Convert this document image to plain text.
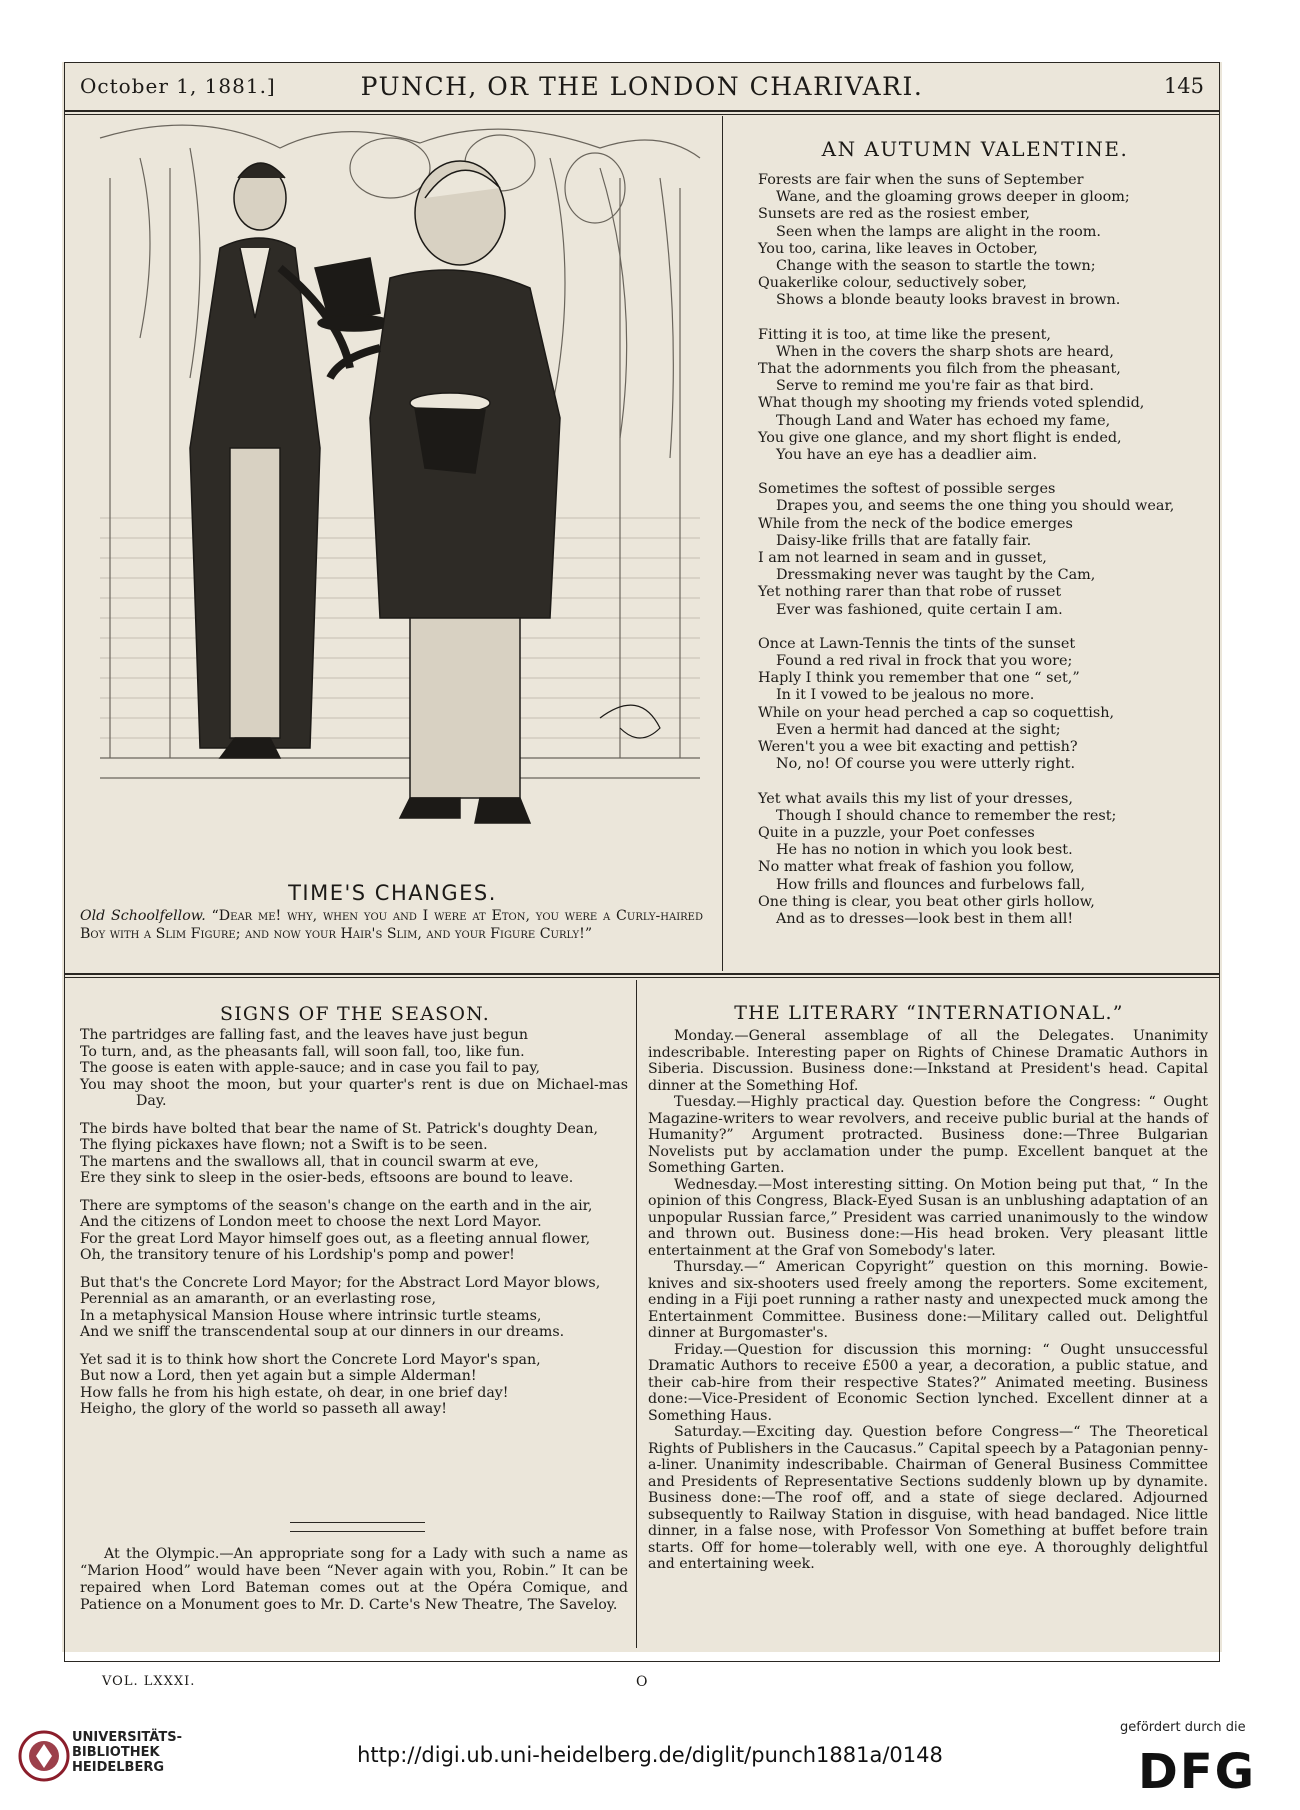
October 1, 1881.]	PUNCH, OR THE LONDON CHARIVARI.	145
TIME'S CHANGES.
Old Schoolfellow. “Dear me! why, when you and I were at Eton, you were a Curly-haired Boy with a Slim Figure; and now your Hair's Slim, and your Figure Curly!”
AN AUTUMN VALENTINE.
Forests are fair when the suns of September
Wane, and the gloaming grows deeper in gloom;
Sunsets are red as the rosiest ember,
Seen when the lamps are alight in the room.
You too, carina, like leaves in October,
Change with the season to startle the town;
Quakerlike colour, seductively sober,
Shows a blonde beauty looks bravest in brown.
Fitting it is too, at time like the present,
When in the covers the sharp shots are heard,
That the adornments you filch from the pheasant,
Serve to remind me you're fair as that bird.
What though my shooting my friends voted splendid,
Though Land and Water has echoed my fame,
You give one glance, and my short flight is ended,
You have an eye has a deadlier aim.
Sometimes the softest of possible serges
Drapes you, and seems the one thing you should wear,
While from the neck of the bodice emerges
Daisy-like frills that are fatally fair.
I am not learned in seam and in gusset,
Dressmaking never was taught by the Cam,
Yet nothing rarer than that robe of russet
Ever was fashioned, quite certain I am.
Once at Lawn-Tennis the tints of the sunset
Found a red rival in frock that you wore;
Haply I think you remember that one “ set,”
In it I vowed to be jealous no more.
While on your head perched a cap so coquettish,
Even a hermit had danced at the sight;
Weren't you a wee bit exacting and pettish?
No, no! Of course you were utterly right.
Yet what avails this my list of your dresses,
Though I should chance to remember the rest;
Quite in a puzzle, your Poet confesses
He has no notion in which you look best.
No matter what freak of fashion you follow,
How frills and flounces and furbelows fall,
One thing is clear, you beat other girls hollow,
And as to dresses—look best in them all!
SIGNS OF THE SEASON.
The partridges are falling fast, and the leaves have just begun
To turn, and, as the pheasants fall, will soon fall, too, like fun.
The goose is eaten with apple-sauce; and in case you fail to pay,
You may shoot the moon, but your quarter's rent is due on Michael-mas Day.
The birds have bolted that bear the name of St. Patrick's doughty Dean,
The flying pickaxes have flown; not a Swift is to be seen.
The martens and the swallows all, that in council swarm at eve,
Ere they sink to sleep in the osier-beds, eftsoons are bound to leave.
There are symptoms of the season's change on the earth and in the air,
And the citizens of London meet to choose the next Lord Mayor.
For the great Lord Mayor himself goes out, as a fleeting annual flower,
Oh, the transitory tenure of his Lordship's pomp and power!
But that's the Concrete Lord Mayor; for the Abstract Lord Mayor blows,
Perennial as an amaranth, or an everlasting rose,
In a metaphysical Mansion House where intrinsic turtle steams,
And we sniff the transcendental soup at our dinners in our dreams.
Yet sad it is to think how short the Concrete Lord Mayor's span,
But now a Lord, then yet again but a simple Alderman!
How falls he from his high estate, oh dear, in one brief day!
Heigho, the glory of the world so passeth all away!
At the Olympic.—An appropriate song for a Lady with such a name as “Marion Hood” would have been “Never again with you, Robin.” It can be repaired when Lord Bateman comes out at the Opéra Comique, and Patience on a Monument goes to Mr. D. Carte's New Theatre, The Saveloy.
THE LITERARY “INTERNATIONAL.”

Monday.—General assemblage of all the Delegates. Unanimity indescribable. Interesting paper on Rights of Chinese Dramatic Authors in Siberia. Discussion. Business done:—Inkstand at President's head. Capital dinner at the Something Hof.

Tuesday.—Highly practical day. Question before the Congress: “ Ought Magazine-writers to wear revolvers, and receive public burial at the hands of Humanity?” Argument protracted. Business done:—Three Bulgarian Novelists put by acclamation under the pump. Excellent banquet at the Something Garten.

Wednesday.—Most interesting sitting. On Motion being put that, “ In the opinion of this Congress, Black-Eyed Susan is an unblushing adaptation of an unpopular Russian farce,” President was carried unanimously to the window and thrown out. Business done:—His head broken. Very pleasant little entertainment at the Graf von Somebody's later.

Thursday.—“ American Copyright” question on this morning. Bowie-knives and six-shooters used freely among the reporters. Some excitement, ending in a Fiji poet running a rather nasty and unexpected muck among the Entertainment Committee. Business done:—Military called out. Delightful dinner at Burgomaster's.

Friday.—Question for discussion this morning: “ Ought unsuccessful Dramatic Authors to receive £500 a year, a decoration, a public statue, and their cab-hire from their respective States?” Animated meeting. Business done:—Vice-President of Economic Section lynched. Excellent dinner at a Something Haus.

Saturday.—Exciting day. Question before Congress—“ The Theoretical Rights of Publishers in the Caucasus.” Capital speech by a Patagonian penny-a-liner. Unanimity indescribable. Chairman of General Business Committee and Presidents of Representative Sections suddenly blown up by dynamite. Business done:—The roof off, and a state of siege declared. Adjourned subsequently to Railway Station in disguise, with head bandaged. Nice little dinner, in a false nose, with Professor Von Something at buffet before train starts. Off for home—tolerably well, with one eye. A thoroughly delightful and entertaining week.

VOL. LXXXI.	O
UNIVERSITÄTS-
BIBLIOTHEK
HEIDELBERG
http://digi.ub.uni-heidelberg.de/diglit/punch1881a/0148
gefördert durch die
DFG
